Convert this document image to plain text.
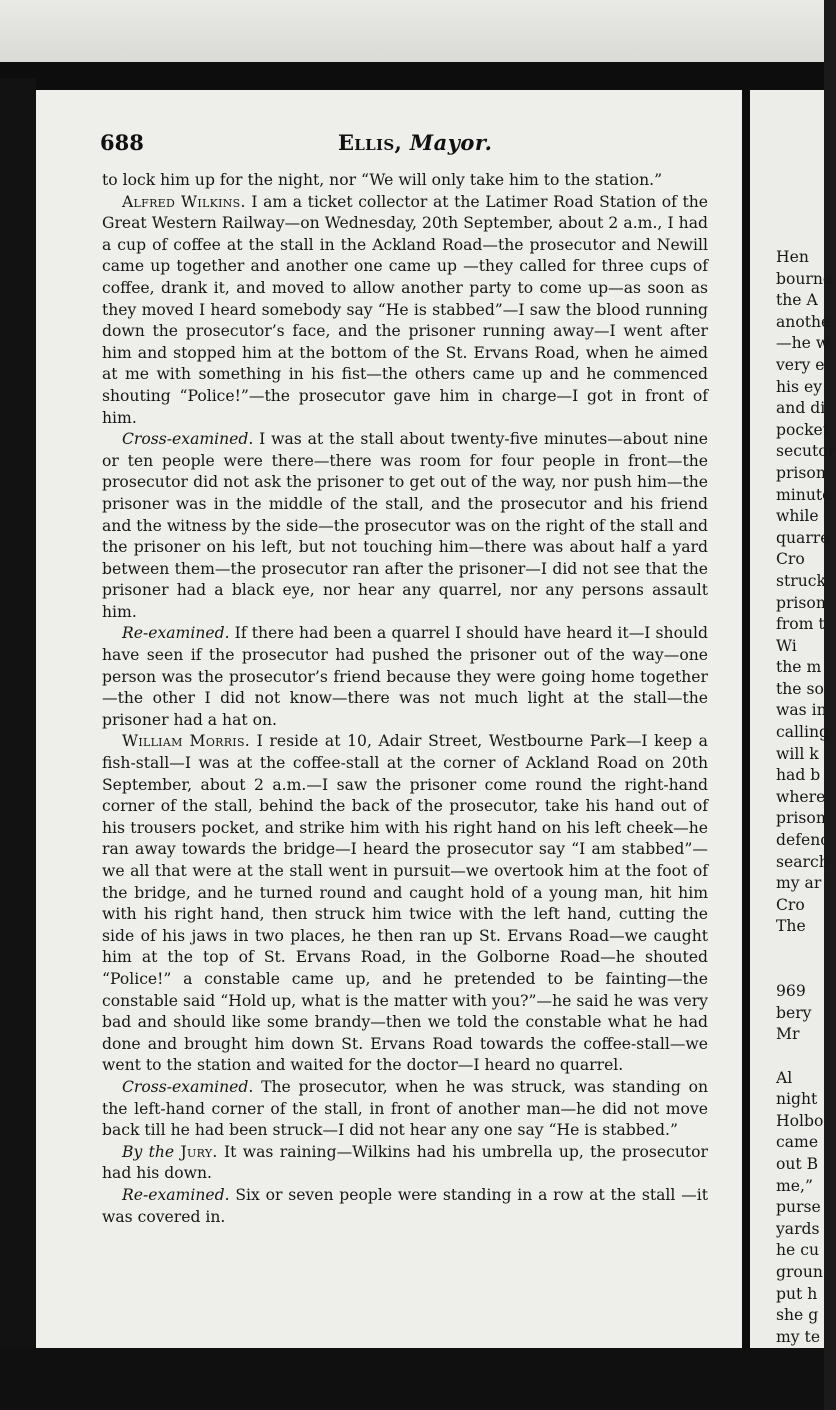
Hen
bourne
the A
anothe
—he w
very e
his ey
and di
pocket
secutor
prison
minute
while
quarre
Cro
struck
prison
from t
Wi
the m
the so
was in
calling
will k
had b
where
prison
defenc
search
my ar
Cro
The
969
bery
Mr
Al
night
Holbo
came
out B
me,”
purse
yards
he cu
groun
put h
she g
my te
688	Ellis, Mayor.

to lock him up for the night, nor “We will only take him to the station.”

Alfred Wilkins. I am a ticket collector at the Latimer Road Station of the Great Western Railway—on Wednesday, 20th September, about 2 a.m., I had a cup of coffee at the stall in the Ackland Road—the prosecutor and Newill came up together and another one came up —they called for three cups of coffee, drank it, and moved to allow another party to come up—as soon as they moved I heard somebody say “He is stabbed”—I saw the blood running down the prosecutor’s face, and the prisoner running away—I went after him and stopped him at the bottom of the St. Ervans Road, when he aimed at me with something in his fist—the others came up and he commenced shouting “Police!”—the prosecutor gave him in charge—I got in front of him.

Cross-examined. I was at the stall about twenty-five minutes—about nine or ten people were there—there was room for four people in front—the prosecutor did not ask the prisoner to get out of the way, nor push him—the prisoner was in the middle of the stall, and the prosecutor and his friend and the witness by the side—the prosecutor was on the right of the stall and the prisoner on his left, but not touching him—there was about half a yard between them—the prosecutor ran after the prisoner—I did not see that the prisoner had a black eye, nor hear any quarrel, nor any persons assault him.

Re-examined. If there had been a quarrel I should have heard it—I should have seen if the prosecutor had pushed the prisoner out of the way—one person was the prosecutor’s friend because they were going home together—the other I did not know—there was not much light at the stall—the prisoner had a hat on.

William Morris. I reside at 10, Adair Street, Westbourne Park—I keep a fish-stall—I was at the coffee-stall at the corner of Ackland Road on 20th September, about 2 a.m.—I saw the prisoner come round the right-hand corner of the stall, behind the back of the prosecutor, take his hand out of his trousers pocket, and strike him with his right hand on his left cheek—he ran away towards the bridge—I heard the prosecutor say “I am stabbed”—we all that were at the stall went in pursuit—we overtook him at the foot of the bridge, and he turned round and caught hold of a young man, hit him with his right hand, then struck him twice with the left hand, cutting the side of his jaws in two places, he then ran up St. Ervans Road—we caught him at the top of St. Ervans Road, in the Golborne Road—he shouted “Police!” a constable came up, and he pretended to be fainting—the constable said “Hold up, what is the matter with you?”—he said he was very bad and should like some brandy—then we told the constable what he had done and brought him down St. Ervans Road towards the coffee-stall—we went to the station and waited for the doctor—I heard no quarrel.

Cross-examined. The prosecutor, when he was struck, was standing on the left-hand corner of the stall, in front of another man—he did not move back till he had been struck—I did not hear any one say “He is stabbed.”

By the Jury. It was raining—Wilkins had his umbrella up, the prosecutor had his down.

Re-examined. Six or seven people were standing in a row at the stall —it was covered in.
